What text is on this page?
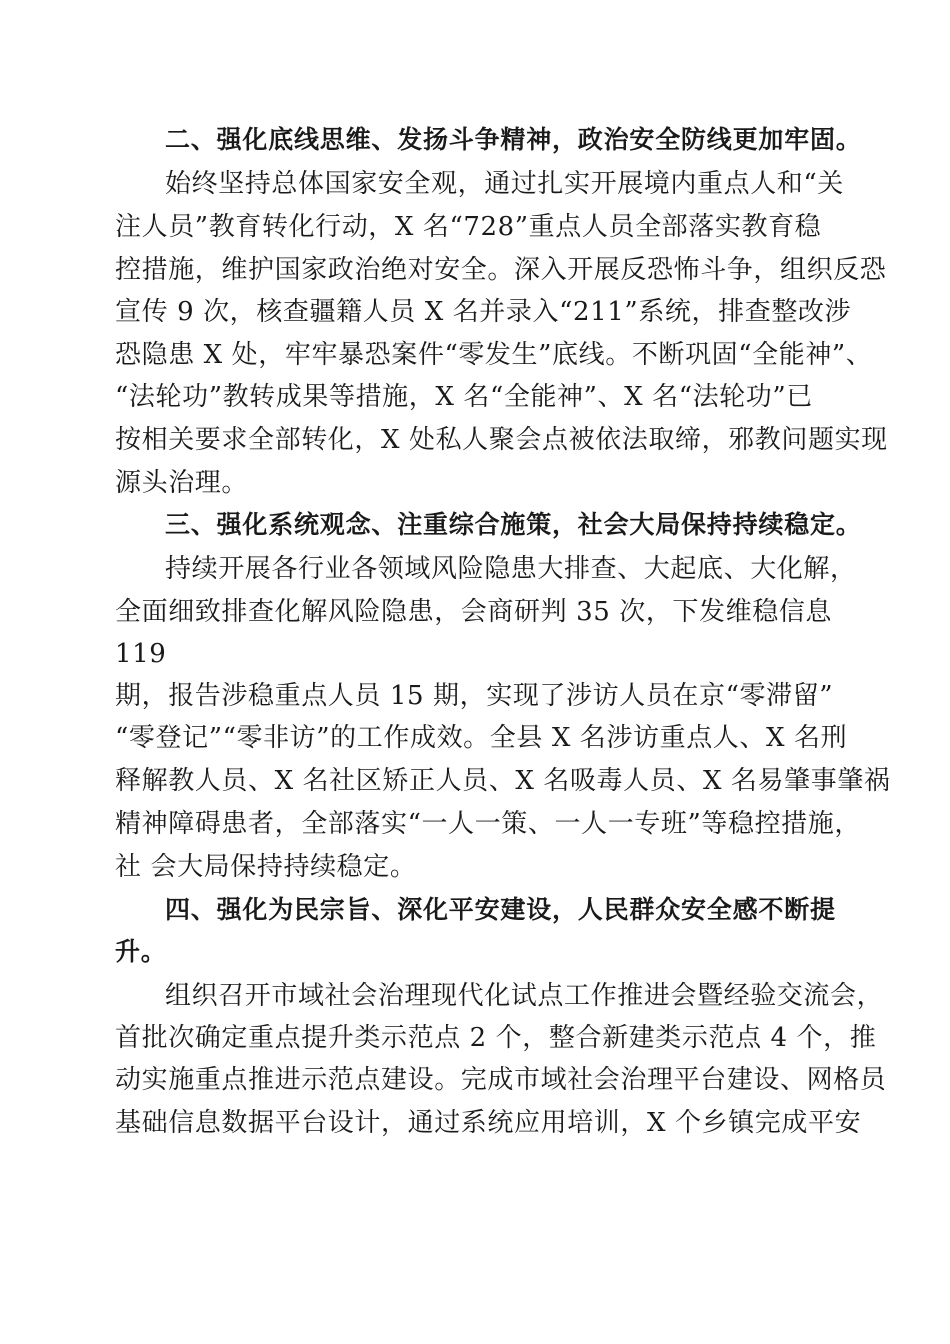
二、强化底线思维、发扬斗争精神，政治安全防线更加牢固。
始终坚持总体国家安全观，通过扎实开展境内重点人和“关
注人员”教育转化行动，X 名“728”重点人员全部落实教育稳
控措施，维护国家政治绝对安全。深入开展反恐怖斗争，组织反恐
宣传 9 次，核查疆籍人员 X 名并录入“211”系统，排查整改涉
恐隐患 X 处，牢牢暴恐案件“零发生”底线。不断巩固“全能神”、
“法轮功”教转成果等措施，X 名“全能神”、X 名“法轮功”已
按相关要求全部转化，X 处私人聚会点被依法取缔，邪教问题实现
源头治理。
三、强化系统观念、注重综合施策，社会大局保持持续稳定。
持续开展各行业各领域风险隐患大排查、大起底、大化解，
全面细致排查化解风险隐患，会商研判 35 次，下发维稳信息
119
期，报告涉稳重点人员 15 期，实现了涉访人员在京“零滞留”
“零登记”“零非访”的工作成效。全县 X 名涉访重点人、X 名刑
释解教人员、X 名社区矫正人员、X 名吸毒人员、X 名易肇事肇祸
精神障碍患者，全部落实“一人一策、一人一专班”等稳控措施，
社 会大局保持持续稳定。
四、强化为民宗旨、深化平安建设，人民群众安全感不断提
升。
组织召开市域社会治理现代化试点工作推进会暨经验交流会，
首批次确定重点提升类示范点 2 个，整合新建类示范点 4 个，推
动实施重点推进示范点建设。完成市域社会治理平台建设、网格员
基础信息数据平台设计，通过系统应用培训，X 个乡镇完成平安
